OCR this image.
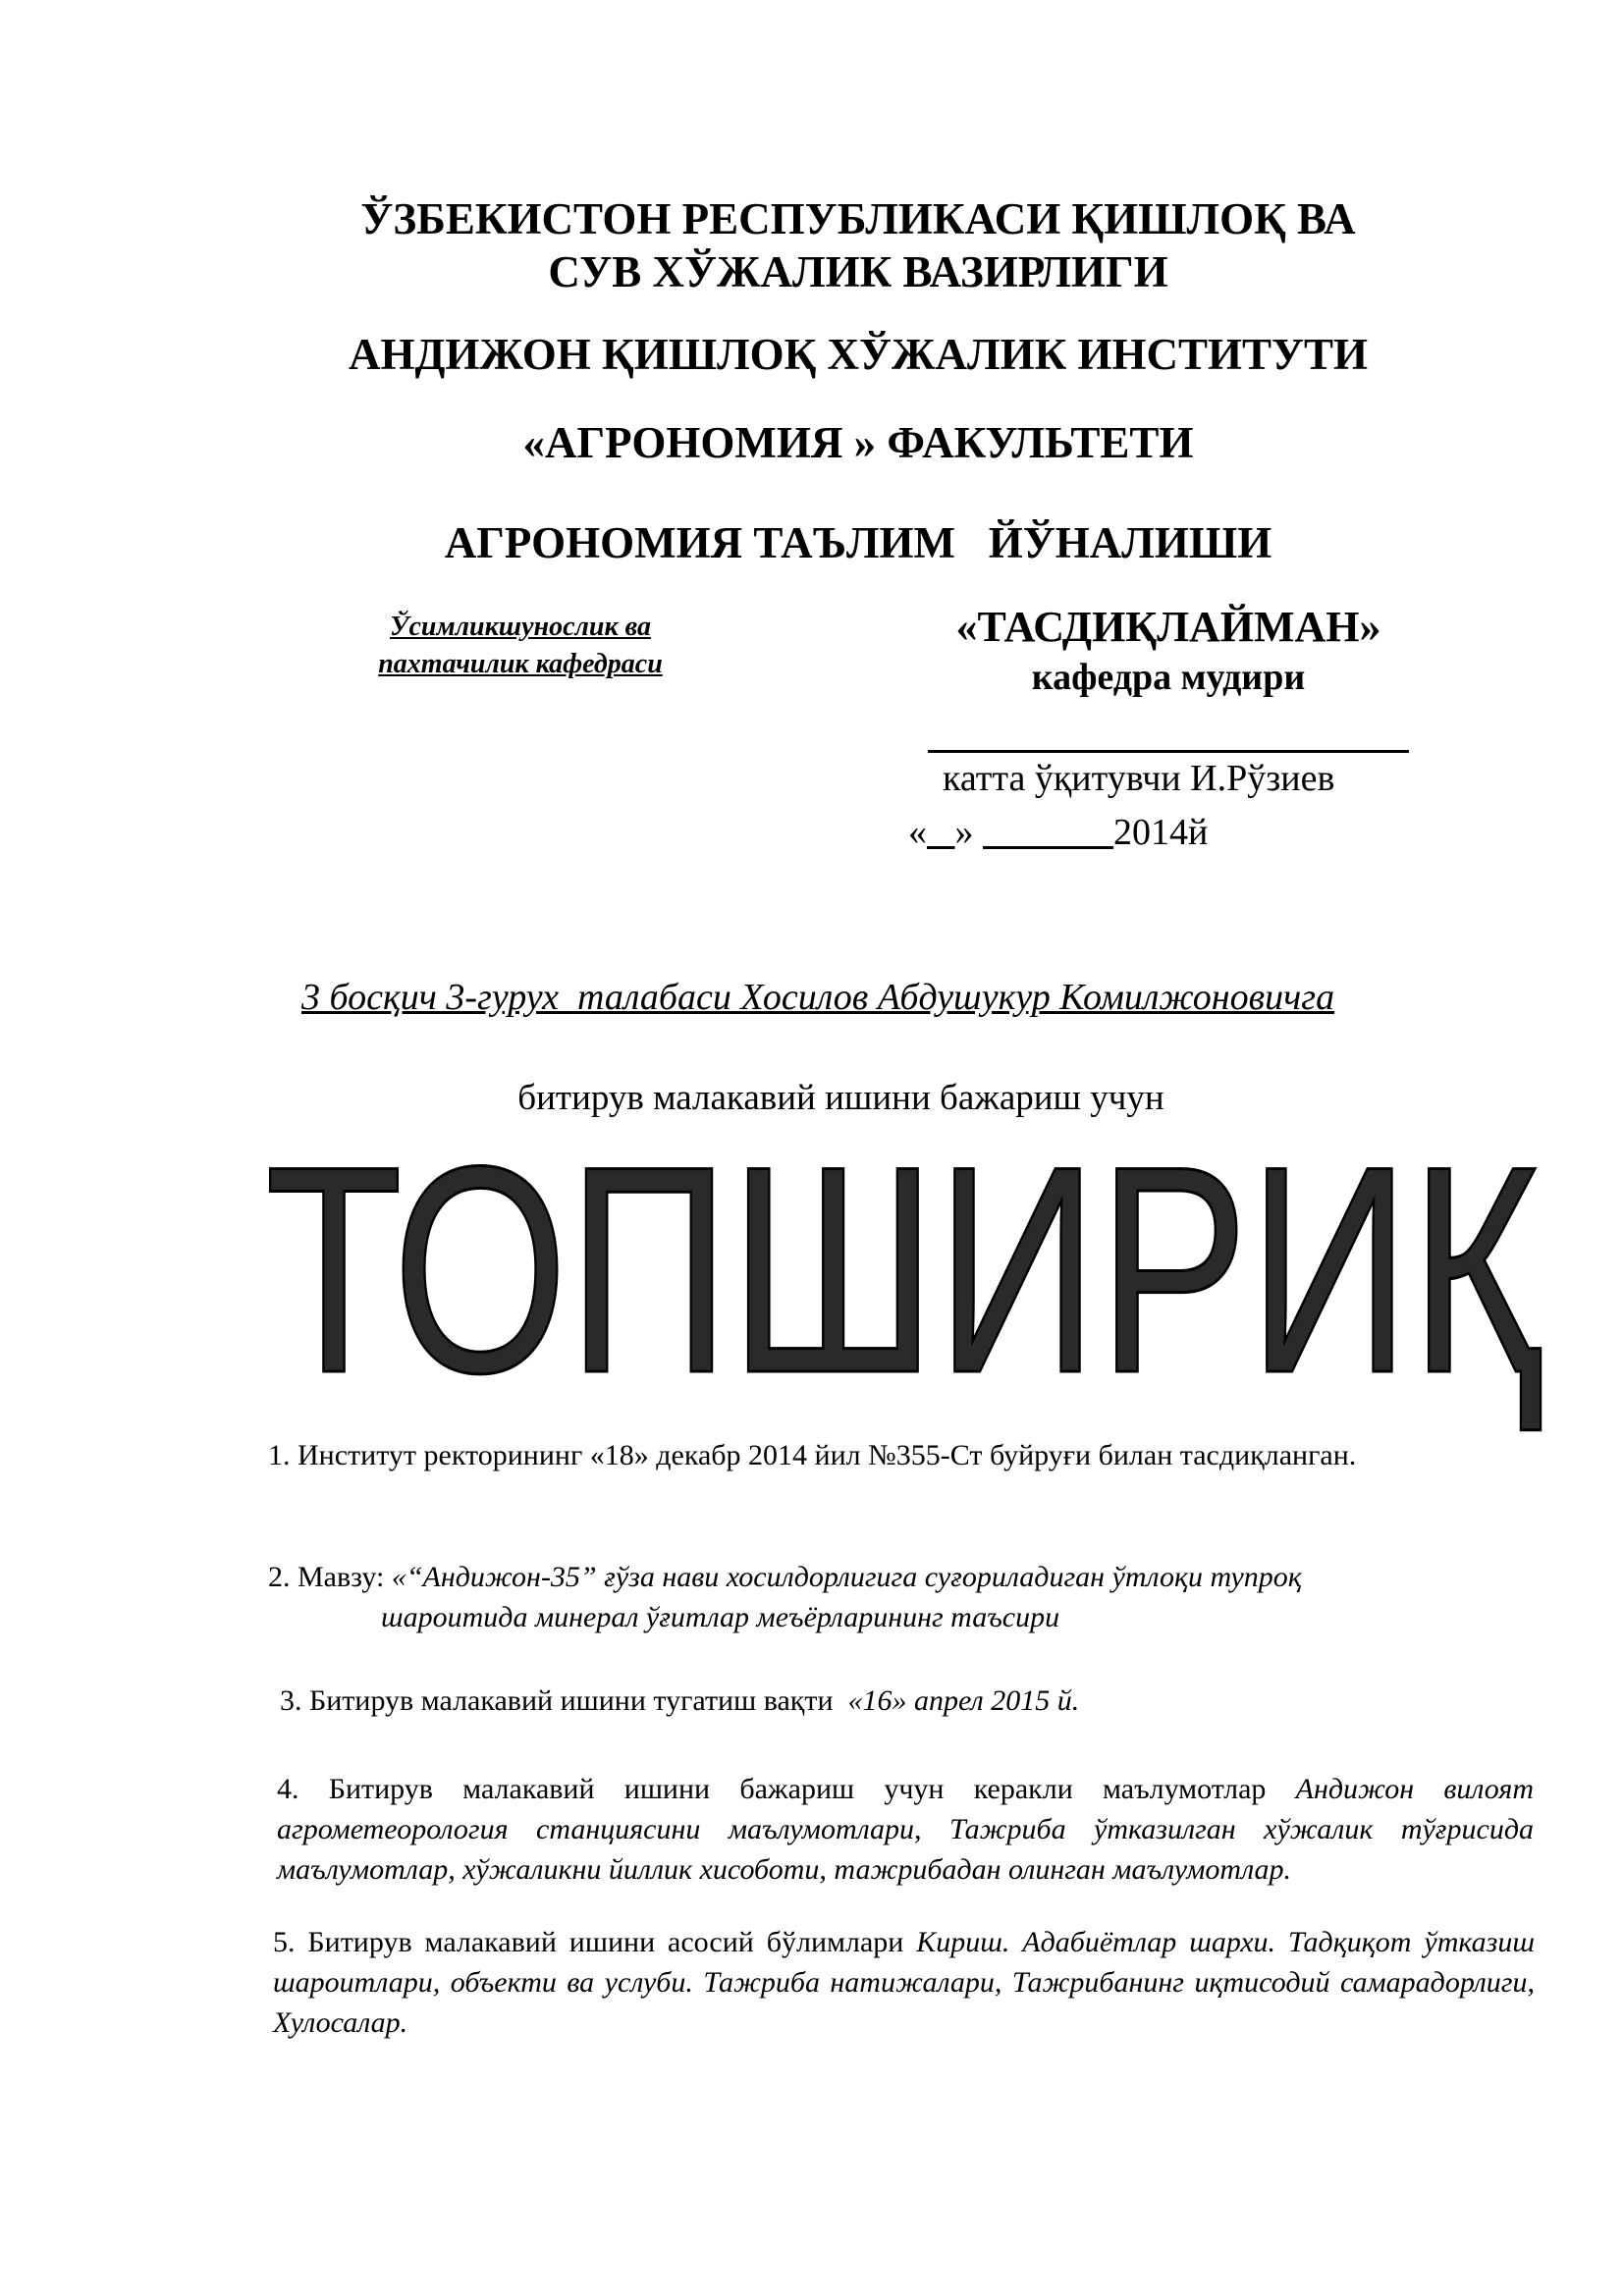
ЎЗБЕКИСТОН РЕСПУБЛИКАСИ ҚИШЛОҚ ВА
СУВ ХЎЖАЛИК ВАЗИРЛИГИ
АНДИЖОН ҚИШЛОҚ ХЎЖАЛИК ИНСТИТУТИ
«АГРОНОМИЯ » ФАКУЛЬТЕТИ
АГРОНОМИЯ ТАЪЛИМ   ЙЎНАЛИШИ
Ўсимликшунослик ва
пахтачилик кафедраси
«ТАСДИҚЛАЙМАН»
кафедра мудири
катта ўқитувчи И.Рўзиев
« »	2014й
3 босқич 3-гурух  талабаси Хосилов Абдушукур Комилжоновичга
битирув малакавий ишини бажариш учун
ТОПШИРИҚ

1. Институт ректорининг «18» декабр 2014 йил №355-Ст буйруғи билан тасдиқланган.

2. Мавзу: «“Андижон-35” ғўза нави хосилдорлигига суғориладиган ўтлоқи тупроқ
шароитида минерал ўғитлар меъёрларининг таъсири

3. Битирув малакавий ишини тугатиш вақти  «16» апрел 2015 й.

4. Битирув малакавий ишини бажариш учун керакли маълумотлар Андижон вилоят агрометеорология станциясини маълумотлари, Тажриба ўтказилган хўжалик тўғрисида маълумотлар, хўжаликни йиллик хисоботи, тажрибадан олинган маълумотлар.

5. Битирув малакавий ишини асосий бўлимлари Кириш. Адабиётлар шархи. Тадқиқот ўтказиш шароитлари, объекти ва услуби. Тажриба натижалари, Тажрибанинг иқтисодий самарадорлиги, Хулосалар.
